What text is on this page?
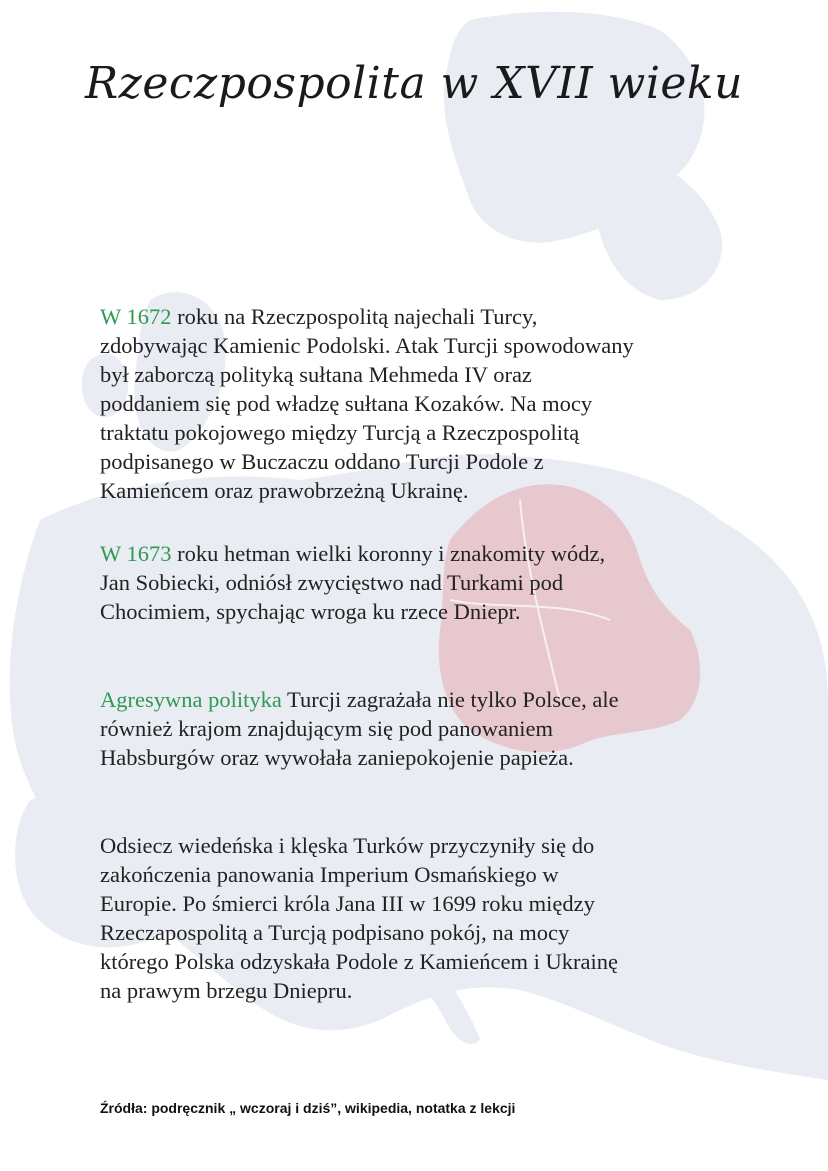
Rzeczpospolita w XVII wieku

W 1672 roku na Rzeczpospolitą najechali Turcy,
zdobywając Kamienic Podolski. Atak Turcji spowodowany
był zaborczą polityką sułtana Mehmeda IV oraz
poddaniem się pod władzę sułtana Kozaków. Na mocy
traktatu pokojowego między Turcją a Rzeczpospolitą
podpisanego w Buczaczu oddano Turcji Podole z
Kamieńcem oraz prawobrzeżną Ukrainę.

W 1673 roku hetman wielki koronny i znakomity wódz,
Jan Sobiecki, odniósł zwycięstwo nad Turkami pod
Chocimiem, spychając wroga ku rzece Dniepr.

Agresywna polityka Turcji zagrażała nie tylko Polsce, ale
również krajom znajdującym się pod panowaniem
Habsburgów oraz wywołała zaniepokojenie papieża.

Odsiecz wiedeńska i klęska Turków przyczyniły się do
zakończenia panowania Imperium Osmańskiego w
Europie. Po śmierci króla Jana III w 1699 roku między
Rzeczapospolitą a Turcją podpisano pokój, na mocy
którego Polska odzyskała Podole z Kamieńcem i Ukrainę
na prawym brzegu Dniepru.

Źródła: podręcznik „ wczoraj i dziś”, wikipedia, notatka z lekcji
